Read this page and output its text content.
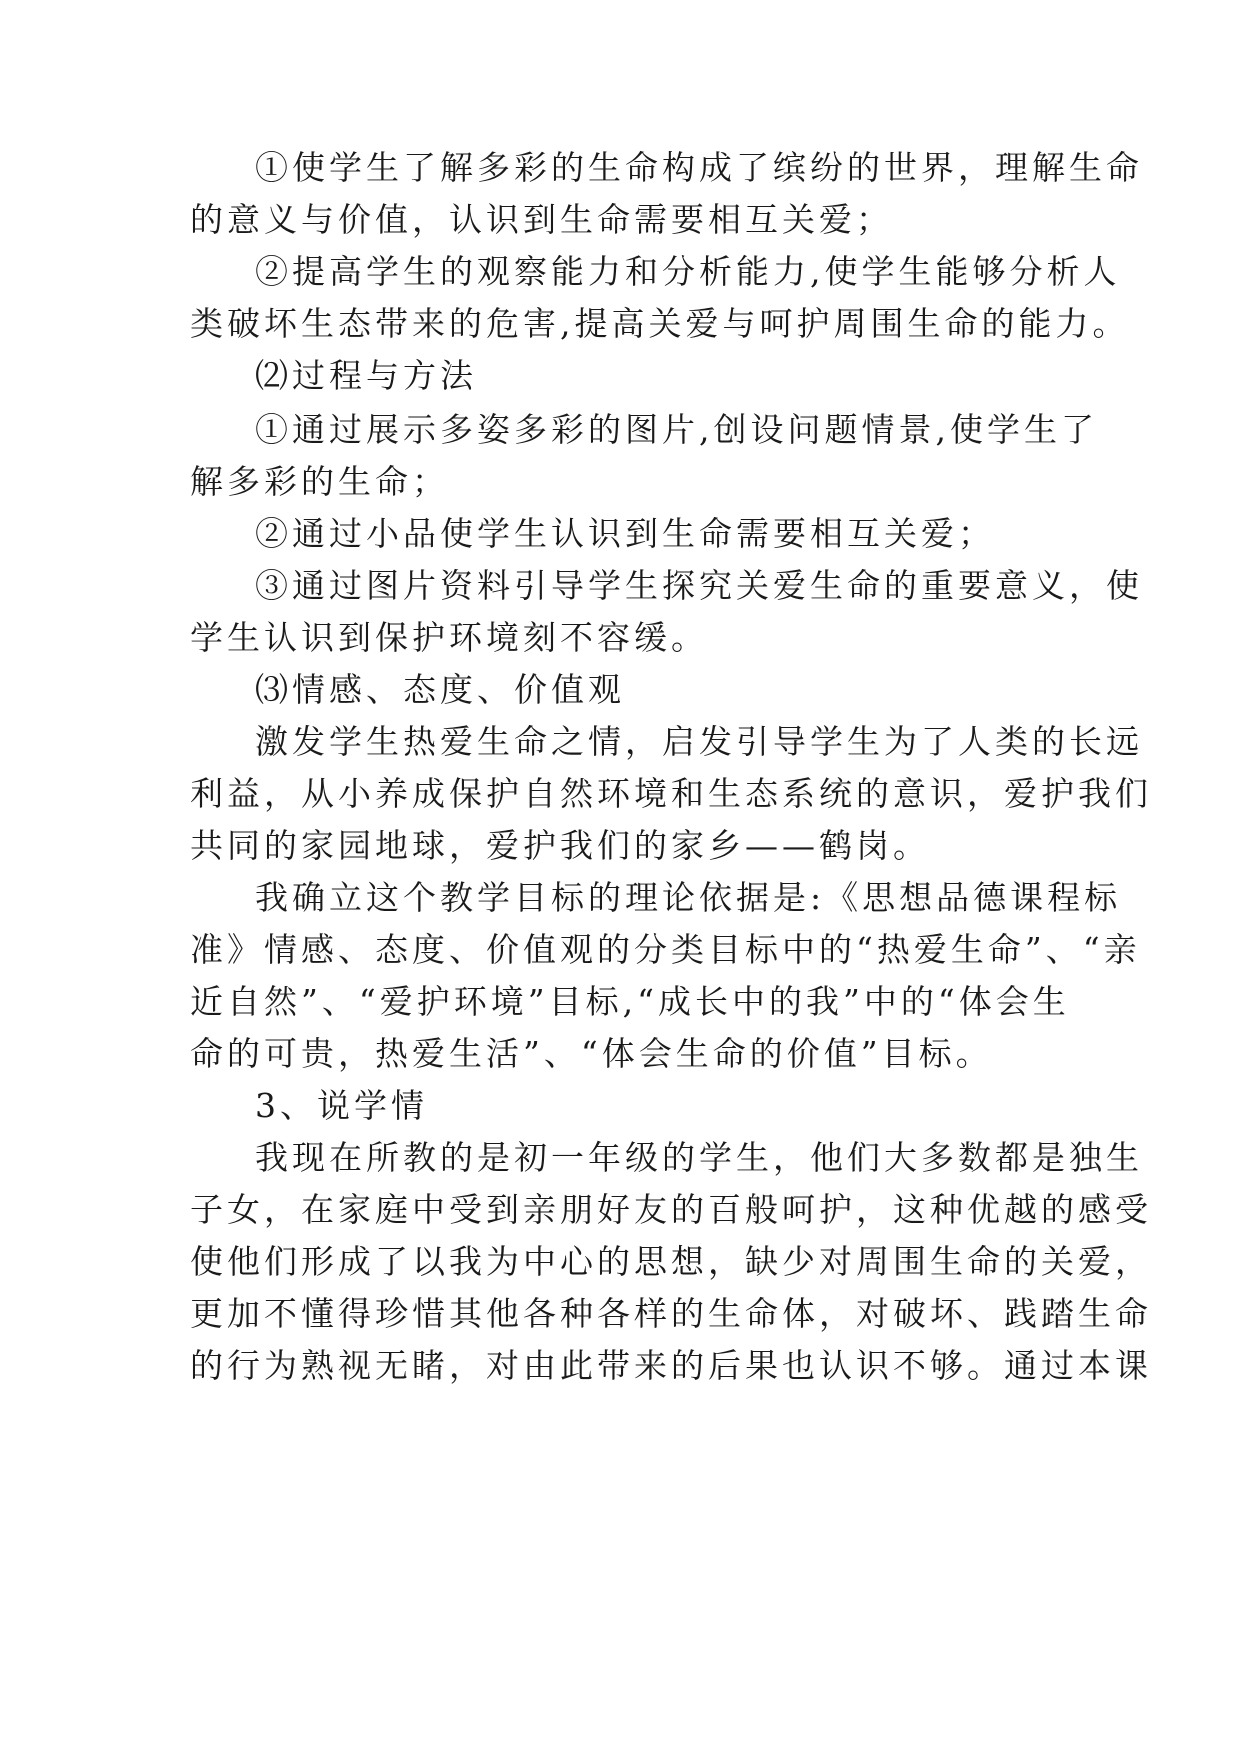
①使学生了解多彩的生命构成了缤纷的世界，理解生命
的意义与价值，认识到生命需要相互关爱；
②提高学生的观察能力和分析能力,使学生能够分析人
类破坏生态带来的危害,提高关爱与呵护周围生命的能力。
⑵过程与方法
①通过展示多姿多彩的图片,创设问题情景,使学生了
解多彩的生命；
②通过小品使学生认识到生命需要相互关爱；
③通过图片资料引导学生探究关爱生命的重要意义，使
学生认识到保护环境刻不容缓。
⑶情感、态度、价值观
激发学生热爱生命之情，启发引导学生为了人类的长远
利益，从小养成保护自然环境和生态系统的意识，爱护我们
共同的家园地球，爱护我们的家乡——鹤岗。
我确立这个教学目标的理论依据是:《思想品德课程标
准》情感、态度、价值观的分类目标中的“热爱生命”、“亲
近自然”、“爱护环境”目标,“成长中的我”中的“体会生
命的可贵，热爱生活”、“体会生命的价值”目标。
3、说学情
我现在所教的是初一年级的学生，他们大多数都是独生
子女，在家庭中受到亲朋好友的百般呵护，这种优越的感受
使他们形成了以我为中心的思想，缺少对周围生命的关爱，
更加不懂得珍惜其他各种各样的生命体，对破坏、践踏生命
的行为熟视无睹，对由此带来的后果也认识不够。通过本课
